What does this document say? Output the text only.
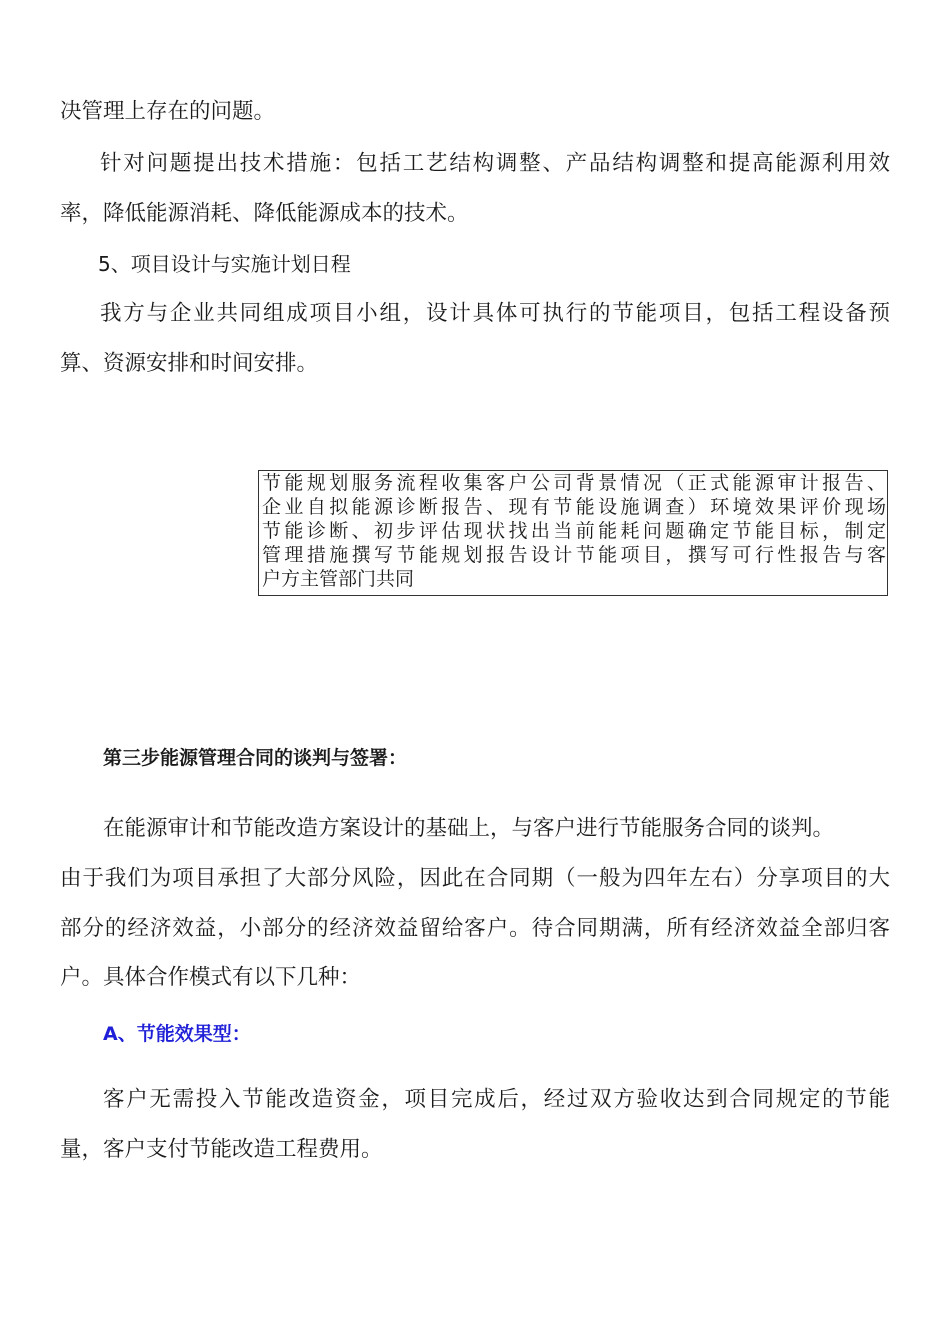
决管理上存在的问题。
针对问题提出技术措施：包括工艺结构调整、产品结构调整和提高能源利用效
率，降低能源消耗、降低能源成本的技术。
5、项目设计与实施计划日程
我方与企业共同组成项目小组，设计具体可执行的节能项目，包括工程设备预
算、资源安排和时间安排。
节能规划服务流程收集客户公司背景情况（正式能源审计报告、
企业自拟能源诊断报告、现有节能设施调查）环境效果评价现场
节能诊断、初步评估现状找出当前能耗问题确定节能目标，制定
管理措施撰写节能规划报告设计节能项目，撰写可行性报告与客
户方主管部门共同
第三步能源管理合同的谈判与签署：
在能源审计和节能改造方案设计的基础上，与客户进行节能服务合同的谈判。
由于我们为项目承担了大部分风险，因此在合同期（一般为四年左右）分享项目的大
部分的经济效益，小部分的经济效益留给客户。待合同期满，所有经济效益全部归客
户。具体合作模式有以下几种：
A、节能效果型：
客户无需投入节能改造资金，项目完成后，经过双方验收达到合同规定的节能
量，客户支付节能改造工程费用。
